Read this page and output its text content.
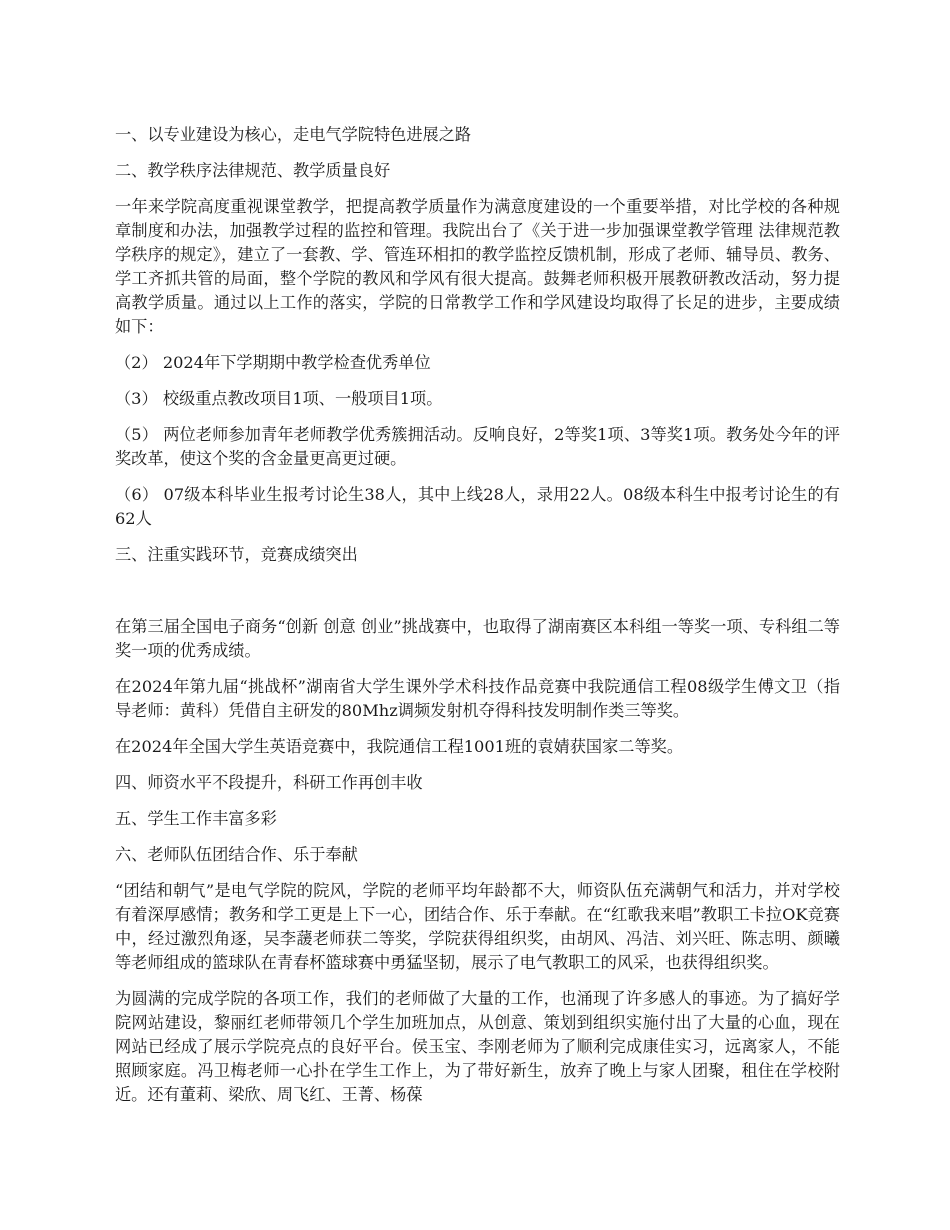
一、以专业建设为核心，走电气学院特色进展之路

二、教学秩序法律规范、教学质量良好

一年来学院高度重视课堂教学，把提高教学质量作为满意度建设的一个重要举措，对比学校的各种规章制度和办法，加强教学过程的监控和管理。我院出台了《关于进一步加强课堂教学管理 法律规范教学秩序的规定》，建立了一套教、学、管连环相扣的教学监控反馈机制，形成了老师、辅导员、教务、学工齐抓共管的局面，整个学院的教风和学风有很大提高。鼓舞老师积极开展教研教改活动，努力提高教学质量。通过以上工作的落实，学院的日常教学工作和学风建设均取得了长足的进步，主要成绩如下：

（2） 2024年下学期期中教学检查优秀单位

（3） 校级重点教改项目1项、一般项目1项。

（5） 两位老师参加青年老师教学优秀簇拥活动。反响良好，2等奖1项、3等奖1项。教务处今年的评奖改革，使这个奖的含金量更高更过硬。

（6） 07级本科毕业生报考讨论生38人，其中上线28人，录用22人。08级本科生中报考讨论生的有62人

三、注重实践环节，竞赛成绩突出

在第三届全国电子商务“创新 创意 创业”挑战赛中，也取得了湖南赛区本科组一等奖一项、专科组二等奖一项的优秀成绩。

在2024年第九届“挑战杯”湖南省大学生课外学术科技作品竞赛中我院通信工程08级学生傅文卫（指导老师：黄科）凭借自主研发的80Mhz调频发射机夺得科技发明制作类三等奖。

在2024年全国大学生英语竞赛中，我院通信工程1001班的袁婧获国家二等奖。

四、师资水平不段提升，科研工作再创丰收

五、学生工作丰富多彩

六、老师队伍团结合作、乐于奉献

“团结和朝气”是电气学院的院风，学院的老师平均年龄都不大，师资队伍充满朝气和活力，并对学校有着深厚感情；教务和学工更是上下一心，团结合作、乐于奉献。在“红歌我来唱”教职工卡拉OK竞赛中，经过激烈角逐，吴李蘐老师获二等奖，学院获得组织奖，由胡风、冯洁、刘兴旺、陈志明、颜曦等老师组成的篮球队在青春杯篮球赛中勇猛坚韧，展示了电气教职工的风采，也获得组织奖。

为圆满的完成学院的各项工作，我们的老师做了大量的工作，也涌现了许多感人的事迹。为了搞好学院网站建设，黎丽红老师带领几个学生加班加点，从创意、策划到组织实施付出了大量的心血，现在网站已经成了展示学院亮点的良好平台。侯玉宝、李刚老师为了顺利完成康佳实习，远离家人，不能照顾家庭。冯卫梅老师一心扑在学生工作上，为了带好新生，放弃了晚上与家人团聚，租住在学校附近。还有董莉、梁欣、周飞红、王菁、杨葆
